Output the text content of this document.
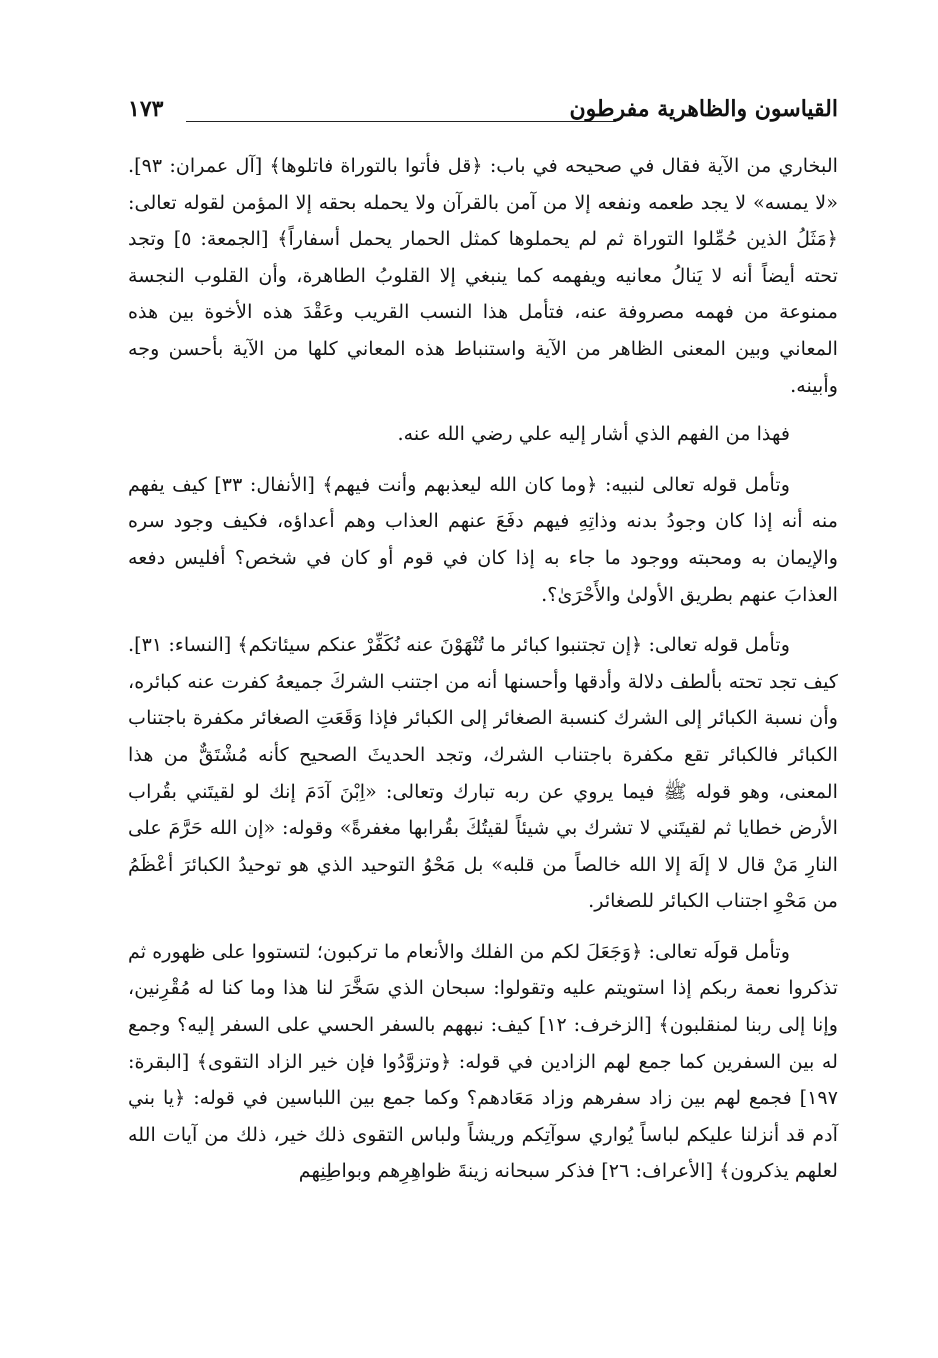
القياسون والظاهرية مفرطون
١٧٣

البخاري من الآية فقال في صحيحه في باب: ﴿قل فأتوا بالتوراة فاتلوها﴾ [آل عمران: ٩٣]. «لا يمسه» لا يجد طعمه ونفعه إلا من آمن بالقرآن ولا يحمله بحقه إلا المؤمن لقوله تعالى: ﴿مَثَلُ الذين حُمِّلوا التوراة ثم لم يحملوها كمثل الحمار يحمل أسفاراً﴾ [الجمعة: ٥] وتجد تحته أيضاً أنه لا يَنالُ معانيه ويفهمه كما ينبغي إلا القلوبُ الطاهرة، وأن القلوب النجسة ممنوعة من فهمه مصروفة عنه، فتأمل هذا النسب القريب وعَقْدَ هذه الأخوة بين هذه المعاني وبين المعنى الظاهر من الآية واستنباط هذه المعاني كلها من الآية بأحسن وجه وأبينه.

فهذا من الفهم الذي أشار إليه علي رضي الله عنه.

وتأمل قوله تعالى لنبيه: ﴿وما كان الله ليعذبهم وأنت فيهم﴾ [الأنفال: ٣٣] كيف يفهم منه أنه إذا كان وجودُ بدنه وذاتِهِ فيهم دفَعَ عنهم العذاب وهم أعداؤه، فكيف وجود سره والإيمان به ومحبته ووجود ما جاء به إذا كان في قوم أو كان في شخص؟ أفليس دفعه العذابَ عنهم بطريق الأولىٰ والأَحْرَىٰ؟.

وتأمل قوله تعالى: ﴿إن تجتنبوا كبائر ما تُنْهَوْنَ عنه نُكَفِّرْ عنكم سيئاتكم﴾ [النساء: ٣١]. كيف تجد تحته بألطف دلالة وأدقها وأحسنها أنه من اجتنب الشركَ جميعهُ كفرت عنه كبائره، وأن نسبة الكبائر إلى الشرك كنسبة الصغائر إلى الكبائر فإذا وَقَعَتِ الصغائر مكفرة باجتناب الكبائر فالكبائر تقع مكفرة باجتناب الشرك، وتجد الحديثَ الصحيح كأنه مُشْتَقٌّ من هذا المعنى، وهو قوله ﷺ فيما يروي عن ربه تبارك وتعالى: «اِبْنَ آدَمَ إنك لو لقيتَني بقُراب الأرض خطايا ثم لقيتَني لا تشرك بي شيئاً لقيتُكَ بقُرابها مغفرةً» وقوله: «إن الله حَرَّمَ على النارِ مَنْ قال لا إلَهَ إلا الله خالصاً من قلبه» بل مَحْوُ التوحيد الذي هو توحيدُ الكبائرَ أعْظَمُ من مَحْوِ اجتناب الكبائر للصغائر.

وتأمل قولَه تعالى: ﴿وَجَعَلَ لكم من الفلك والأنعام ما تركبون؛ لتستووا على ظهوره ثم تذكروا نعمة ربكم إذا استويتم عليه وتقولوا: سبحان الذي سَخَّرَ لنا هذا وما كنا له مُقْرِنين، وإنا إلى ربنا لمنقلبون﴾ [الزخرف: ١٢] كيف: نبههم بالسفر الحسي على السفر إليه؟ وجمع له بين السفرين كما جمع لهم الزادين في قوله: ﴿وتزوَّدُوا فإن خير الزاد التقوى﴾ [البقرة: ١٩٧] فجمع لهم بين زاد سفرهم وزاد مَعَادهم؟ وكما جمع بين اللباسين في قوله: ﴿يا بني آدم قد أنزلنا عليكم لباساً يُواري سوآتِكم وريشاً ولباس التقوى ذلك خير، ذلك من آيات الله لعلهم يذكرون﴾ [الأعراف: ٢٦] فذكر سبحانه زينةَ ظواهِرِهم وبواطِنِهم
